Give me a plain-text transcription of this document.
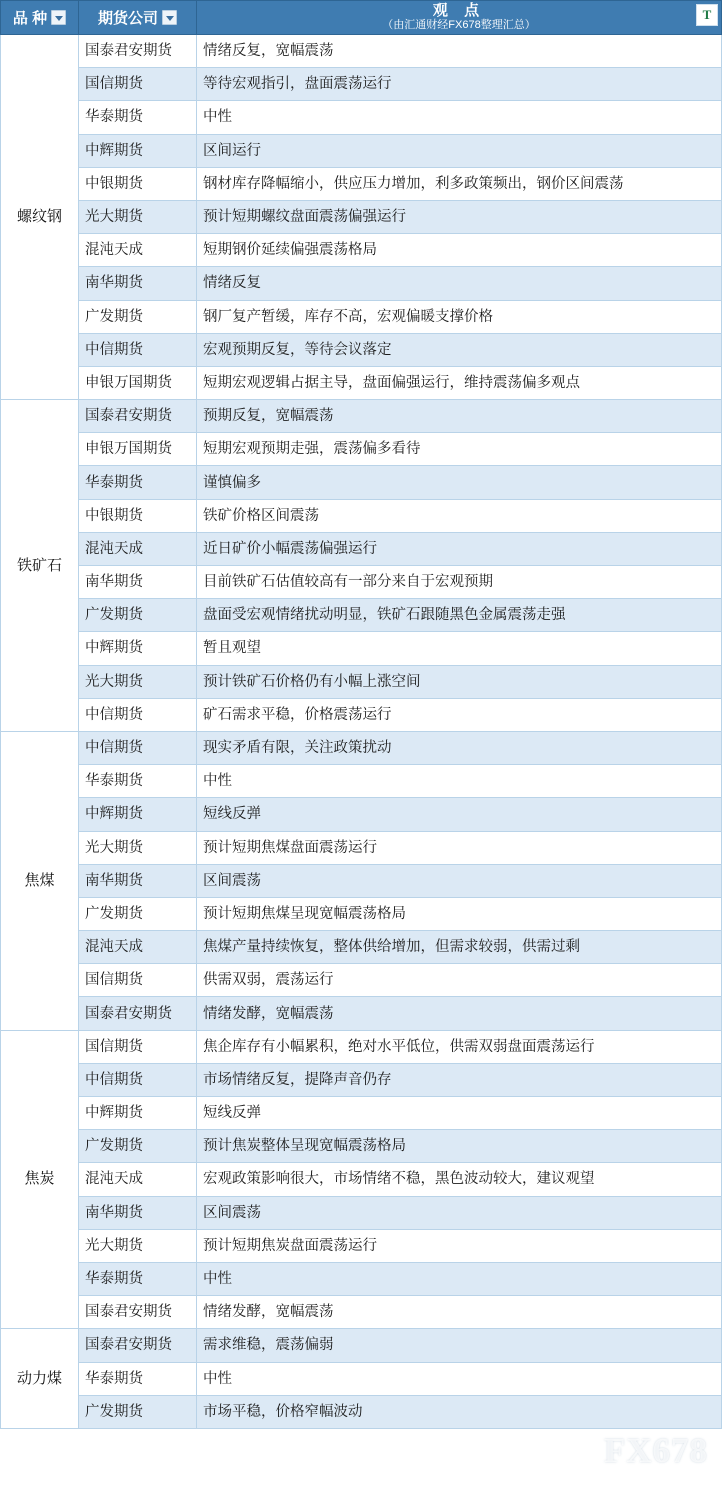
品 种	期货公司	观 点
（由汇通财经FX678整理汇总）
T

螺纹钢	国泰君安期货	情绪反复，宽幅震荡
	国信期货	等待宏观指引，盘面震荡运行
	华泰期货	中性
	中辉期货	区间运行
	中银期货	钢材库存降幅缩小，供应压力增加，利多政策频出，钢价区间震荡
	光大期货	预计短期螺纹盘面震荡偏强运行
	混沌天成	短期钢价延续偏强震荡格局
	南华期货	情绪反复
	广发期货	钢厂复产暂缓，库存不高，宏观偏暖支撑价格
	中信期货	宏观预期反复，等待会议落定
	申银万国期货	短期宏观逻辑占据主导，盘面偏强运行，维持震荡偏多观点
铁矿石	国泰君安期货	预期反复，宽幅震荡
	申银万国期货	短期宏观预期走强，震荡偏多看待
	华泰期货	谨慎偏多
	中银期货	铁矿价格区间震荡
	混沌天成	近日矿价小幅震荡偏强运行
	南华期货	目前铁矿石估值较高有一部分来自于宏观预期
	广发期货	盘面受宏观情绪扰动明显，铁矿石跟随黑色金属震荡走强
	中辉期货	暂且观望
	光大期货	预计铁矿石价格仍有小幅上涨空间
	中信期货	矿石需求平稳，价格震荡运行
焦煤	中信期货	现实矛盾有限，关注政策扰动
	华泰期货	中性
	中辉期货	短线反弹
	光大期货	预计短期焦煤盘面震荡运行
	南华期货	区间震荡
	广发期货	预计短期焦煤呈现宽幅震荡格局
	混沌天成	焦煤产量持续恢复，整体供给增加，但需求较弱，供需过剩
	国信期货	供需双弱，震荡运行
	国泰君安期货	情绪发酵，宽幅震荡
焦炭	国信期货	焦企库存有小幅累积，绝对水平低位，供需双弱盘面震荡运行
	中信期货	市场情绪反复，提降声音仍存
	中辉期货	短线反弹
	广发期货	预计焦炭整体呈现宽幅震荡格局
	混沌天成	宏观政策影响很大，市场情绪不稳，黑色波动较大，建议观望
	南华期货	区间震荡
	光大期货	预计短期焦炭盘面震荡运行
	华泰期货	中性
	国泰君安期货	情绪发酵，宽幅震荡
动力煤	国泰君安期货	需求维稳，震荡偏弱
	华泰期货	中性
	广发期货	市场平稳，价格窄幅波动
FX678
